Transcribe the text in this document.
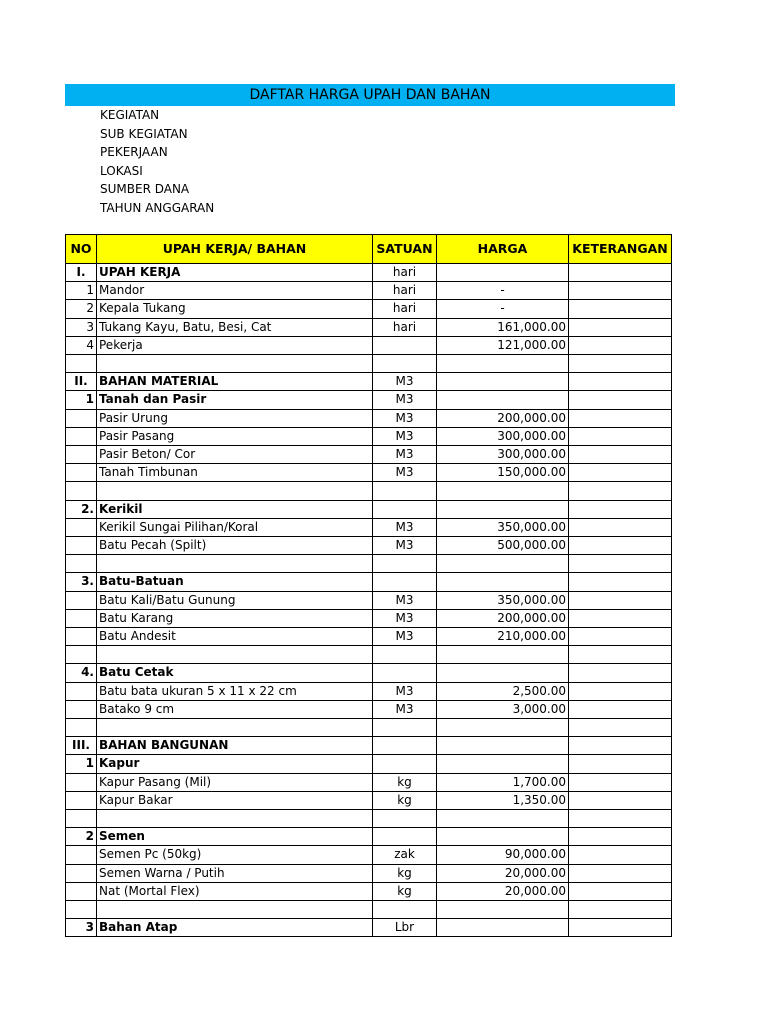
DAFTAR HARGA UPAH DAN BAHAN
KEGIATAN
SUB KEGIATAN
PEKERJAAN
LOKASI
SUMBER DANA
TAHUN ANGGARAN
NO	UPAH KERJA/ BAHAN	SATUAN	HARGA	KETERANGAN
I.	UPAH KERJA	hari		
1	Mandor	hari	-	
2	Kepala Tukang	hari	-	
3	Tukang Kayu, Batu, Besi, Cat	hari	161,000.00	
4	Pekerja		121,000.00	

II.	BAHAN MATERIAL	M3		
1	Tanah dan Pasir	M3		
	Pasir Urung	M3	200,000.00	
	Pasir Pasang	M3	300,000.00	
	Pasir Beton/ Cor	M3	300,000.00	
	Tanah Timbunan	M3	150,000.00	

2.	Kerikil			
	Kerikil Sungai Pilihan/Koral	M3	350,000.00	
	Batu Pecah (Spilt)	M3	500,000.00	

3.	Batu-Batuan			
	Batu Kali/Batu Gunung	M3	350,000.00	
	Batu Karang	M3	200,000.00	
	Batu Andesit	M3	210,000.00	

4.	Batu Cetak			
	Batu bata ukuran 5 x 11 x 22 cm	M3	2,500.00	
	Batako 9 cm	M3	3,000.00	

III.	BAHAN BANGUNAN			
1	Kapur			
	Kapur Pasang (Mil)	kg	1,700.00	
	Kapur Bakar	kg	1,350.00	

2	Semen			
	Semen Pc (50kg)	zak	90,000.00	
	Semen Warna / Putih	kg	20,000.00	
	Nat (Mortal Flex)	kg	20,000.00	

3	Bahan Atap	Lbr		
